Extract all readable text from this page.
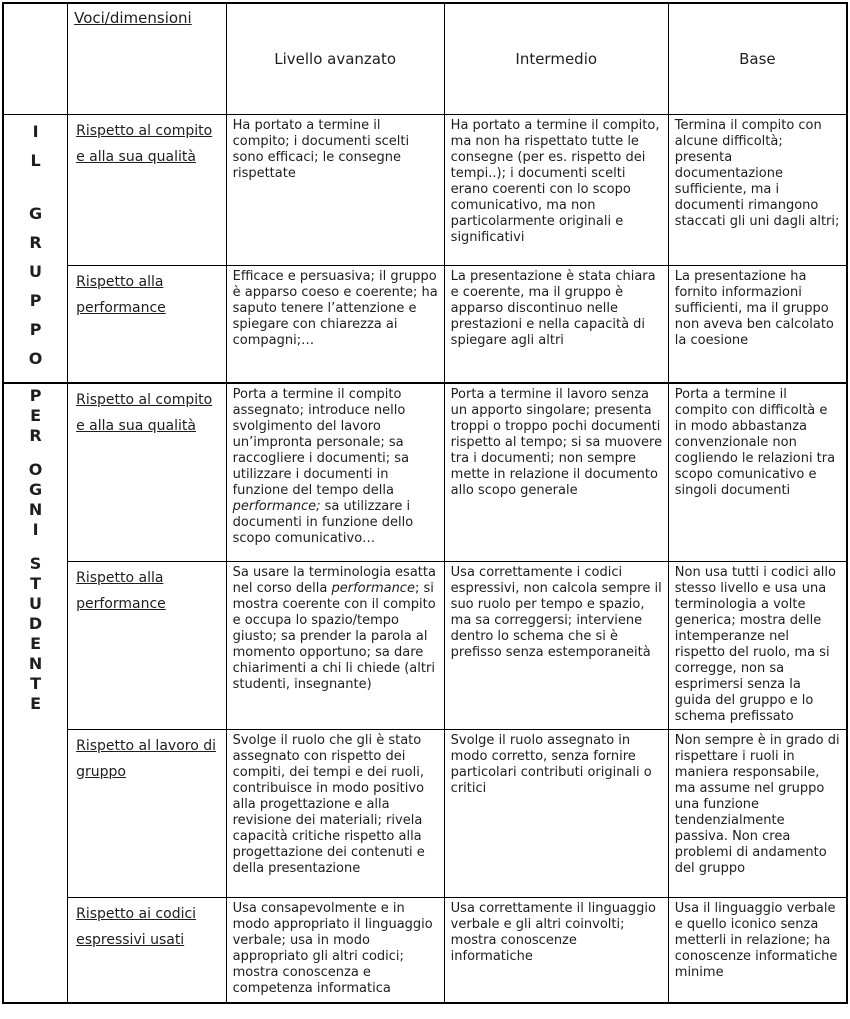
	Voci/dimensioni	Livello avanzato	Intermedio	Base

I
L
G
R
U
P
P
O
	Rispetto al compito e alla sua qualità	Ha portato a termine il compito; i documenti scelti sono efficaci; le consegne rispettate	Ha portato a termine il compito, ma non ha rispettato tutte le consegne (per es. rispetto dei tempi..); i documenti scelti erano coerenti con lo scopo comunicativo, ma non particolarmente originali e significativi	Termina il compito con alcune difficoltà; presenta documentazione sufficiente, ma i documenti rimangono staccati gli uni dagli altri;
	Rispetto alla performance	Efficace e persuasiva; il gruppo è apparso coeso e coerente; ha saputo tenere l’attenzione e spiegare con chiarezza ai compagni;…	La presentazione è stata chiara e coerente, ma il gruppo è apparso discontinuo nelle prestazioni e nella capacità di spiegare agli altri	La presentazione ha fornito informazioni sufficienti, ma il gruppo non aveva ben calcolato la coesione

P
E
R
O
G
N
I
S
T
U
D
E
N
T
E
	Rispetto al compito e alla sua qualità	Porta a termine il compito assegnato; introduce nello svolgimento del lavoro un’impronta personale; sa raccogliere i documenti; sa utilizzare i documenti in funzione del tempo della performance; sa utilizzare i documenti in funzione dello scopo comunicativo…	Porta a termine il lavoro senza un apporto singolare; presenta troppi o troppo pochi documenti rispetto al tempo; si sa muovere tra i documenti; non sempre mette in relazione il documento allo scopo generale	Porta a termine il compito con difficoltà e in modo abbastanza convenzionale non cogliendo le relazioni tra scopo comunicativo e singoli documenti
Rispetto alla performance	Sa usare la terminologia esatta nel corso della performance; si mostra coerente con il compito e occupa lo spazio/tempo giusto; sa prender la parola al momento opportuno; sa dare chiarimenti a chi li chiede (altri studenti, insegnante)	Usa correttamente i codici espressivi, non calcola sempre il suo ruolo per tempo e spazio, ma sa correggersi; interviene dentro lo schema che si è prefisso senza estemporaneità	Non usa tutti i codici allo stesso livello e usa una terminologia a volte generica; mostra delle intemperanze nel rispetto del ruolo, ma si corregge, non sa esprimersi senza la guida del gruppo e lo schema prefissato
	Rispetto al lavoro di gruppo	Svolge il ruolo che gli è stato assegnato con rispetto dei compiti, dei tempi e dei ruoli, contribuisce in modo positivo alla progettazione e alla revisione dei materiali; rivela capacità critiche rispetto alla progettazione dei contenuti e della presentazione	Svolge il ruolo assegnato in modo corretto, senza fornire particolari contributi originali o critici	Non sempre è in grado di rispettare i ruoli in maniera responsabile, ma assume nel gruppo una funzione tendenzialmente passiva. Non crea problemi di andamento del gruppo
	Rispetto ai codici espressivi usati	Usa consapevolmente e in modo appropriato il linguaggio verbale; usa in modo appropriato gli altri codici; mostra conoscenza e competenza informatica	Usa correttamente il linguaggio verbale e gli altri coinvolti; mostra conoscenze informatiche	Usa il linguaggio verbale e quello iconico senza metterli in relazione; ha conoscenze informatiche minime
